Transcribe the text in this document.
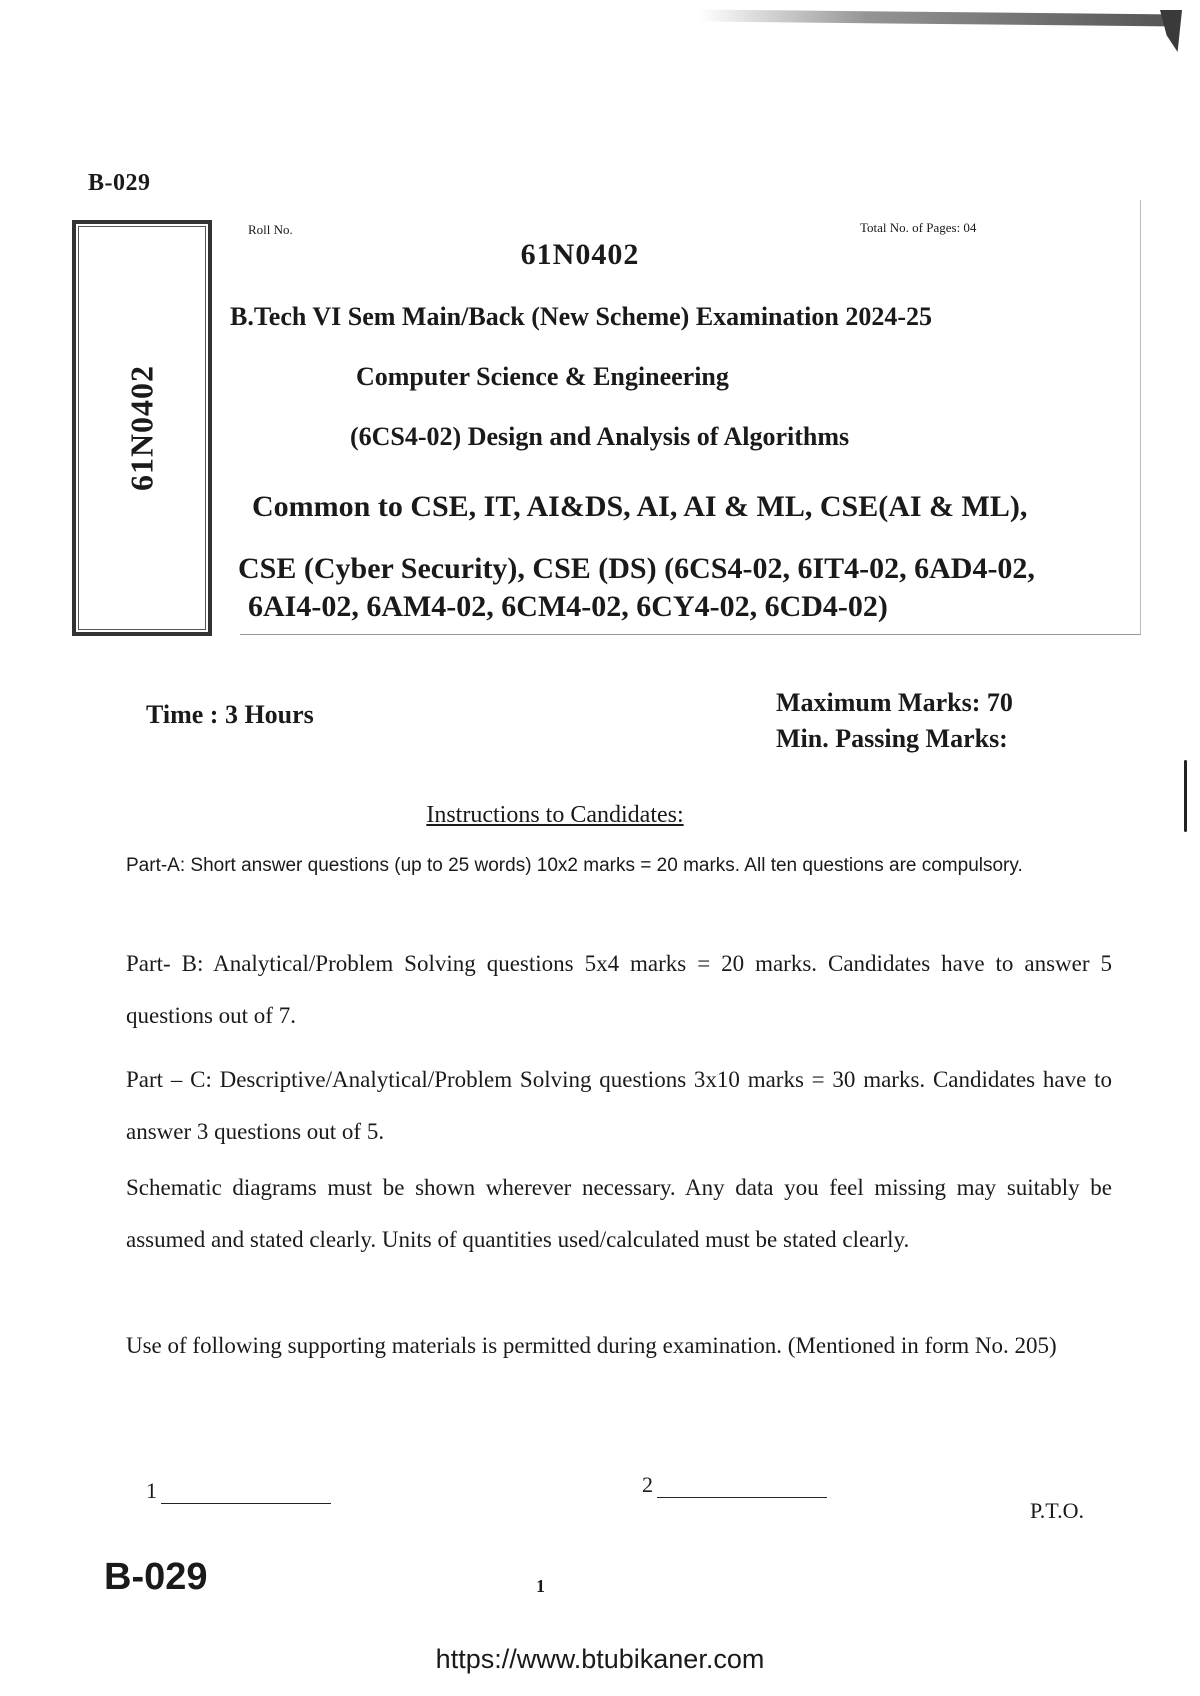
B-029
61N0402
Roll No.	Total No. of Pages: 04
61N0402
B.Tech VI Sem Main/Back (New Scheme) Examination 2024-25
Computer Science & Engineering
(6CS4-02) Design and Analysis of Algorithms
Common to CSE, IT, AI&DS, AI, AI & ML, CSE(AI & ML),
CSE (Cyber Security), CSE (DS) (6CS4-02, 6IT4-02, 6AD4-02,
6AI4-02, 6AM4-02, 6CM4-02, 6CY4-02, 6CD4-02)
Time : 3 Hours	Maximum Marks: 70
Min. Passing Marks:
Instructions to Candidates:
Part-A: Short answer questions (up to 25 words) 10x2 marks = 20 marks. All ten questions are compulsory.
Part- B: Analytical/Problem Solving questions 5x4 marks = 20 marks. Candidates have to answer 5 questions out of 7.
Part – C: Descriptive/Analytical/Problem Solving questions 3x10 marks = 30 marks. Candidates have to answer 3 questions out of 5.
Schematic diagrams must be shown wherever necessary. Any data you feel missing may suitably be assumed and stated clearly. Units of quantities used/calculated must be stated clearly.
Use of following supporting materials is permitted during examination. (Mentioned in form No. 205)
1	2
P.T.O.
B-029	1
https://www.btubikaner.com
